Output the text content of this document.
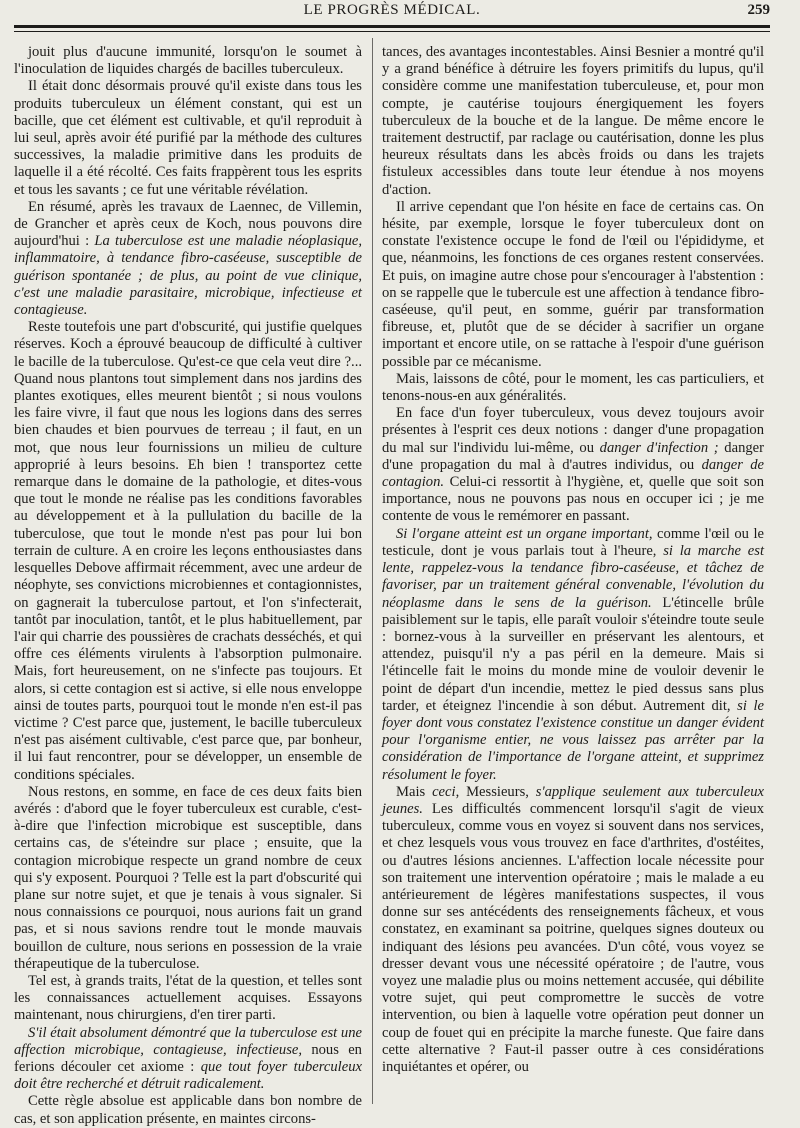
LE PROGRÈS MÉDICAL.	259

jouit plus d'aucune immunité, lorsqu'on le soumet à l'inoculation de liquides chargés de bacilles tuberculeux.

Il était donc désormais prouvé qu'il existe dans tous les produits tuberculeux un élément constant, qui est un bacille, que cet élément est cultivable, et qu'il reproduit à lui seul, après avoir été purifié par la méthode des cultures successives, la maladie primitive dans les produits de laquelle il a été récolté. Ces faits frappèrent tous les esprits et tous les savants ; ce fut une véritable révélation.

En résumé, après les travaux de Laennec, de Villemin, de Grancher et après ceux de Koch, nous pouvons dire aujourd'hui : La tuberculose est une maladie néoplasique, inflammatoire, à tendance fibro-caséeuse, susceptible de guérison spontanée ; de plus, au point de vue clinique, c'est une maladie parasitaire, microbique, infectieuse et contagieuse.

Reste toutefois une part d'obscurité, qui justifie quelques réserves. Koch a éprouvé beaucoup de difficulté à cultiver le bacille de la tuberculose. Qu'est-ce que cela veut dire ?... Quand nous plantons tout simplement dans nos jardins des plantes exotiques, elles meurent bientôt ; si nous voulons les faire vivre, il faut que nous les logions dans des serres bien chaudes et bien pourvues de terreau ; il faut, en un mot, que nous leur fournissions un milieu de culture approprié à leurs besoins. Eh bien ! transportez cette remarque dans le domaine de la pathologie, et dites-vous que tout le monde ne réalise pas les conditions favorables au développement et à la pullulation du bacille de la tuberculose, que tout le monde n'est pas pour lui bon terrain de culture. A en croire les leçons enthousiastes dans lesquelles Debove affirmait récemment, avec une ardeur de néophyte, ses convictions microbiennes et contagionnistes, on gagnerait la tuberculose partout, et l'on s'infecterait, tantôt par inoculation, tantôt, et le plus habituellement, par l'air qui charrie des poussières de crachats desséchés, et qui offre ces éléments virulents à l'absorption pulmonaire. Mais, fort heureusement, on ne s'infecte pas toujours. Et alors, si cette contagion est si active, si elle nous enveloppe ainsi de toutes parts, pourquoi tout le monde n'en est-il pas victime ? C'est parce que, justement, le bacille tuberculeux n'est pas aisément cultivable, c'est parce que, par bonheur, il lui faut rencontrer, pour se développer, un ensemble de conditions spéciales.

Nous restons, en somme, en face de ces deux faits bien avérés : d'abord que le foyer tuberculeux est curable, c'est-à-dire que l'infection microbique est susceptible, dans certains cas, de s'éteindre sur place ; ensuite, que la contagion microbique respecte un grand nombre de ceux qui s'y exposent. Pourquoi ? Telle est la part d'obscurité qui plane sur notre sujet, et que je tenais à vous signaler. Si nous connaissions ce pourquoi, nous aurions fait un grand pas, et si nous savions rendre tout le monde mauvais bouillon de culture, nous serions en possession de la vraie thérapeutique de la tuberculose.

Tel est, à grands traits, l'état de la question, et telles sont les connaissances actuellement acquises. Essayons maintenant, nous chirurgiens, d'en tirer parti.

S'il était absolument démontré que la tuberculose est une affection microbique, contagieuse, infectieuse, nous en ferions découler cet axiome : que tout foyer tuberculeux doit être recherché et détruit radicalement.

Cette règle absolue est applicable dans bon nombre de cas, et son application présente, en maintes circons-

tances, des avantages incontestables. Ainsi Besnier a montré qu'il y a grand bénéfice à détruire les foyers primitifs du lupus, qu'il considère comme une manifestation tuberculeuse, et, pour mon compte, je cautérise toujours énergiquement les foyers tuberculeux de la bouche et de la langue. De même encore le traitement destructif, par raclage ou cautérisation, donne les plus heureux résultats dans les abcès froids ou dans les trajets fistuleux accessibles dans toute leur étendue à nos moyens d'action.

Il arrive cependant que l'on hésite en face de certains cas. On hésite, par exemple, lorsque le foyer tuberculeux dont on constate l'existence occupe le fond de l'œil ou l'épididyme, et que, néanmoins, les fonctions de ces organes restent conservées. Et puis, on imagine autre chose pour s'encourager à l'abstention : on se rappelle que le tubercule est une affection à tendance fibro-caséeuse, qu'il peut, en somme, guérir par transformation fibreuse, et, plutôt que de se décider à sacrifier un organe important et encore utile, on se rattache à l'espoir d'une guérison possible par ce mécanisme.

Mais, laissons de côté, pour le moment, les cas particuliers, et tenons-nous-en aux généralités.

En face d'un foyer tuberculeux, vous devez toujours avoir présentes à l'esprit ces deux notions : danger d'une propagation du mal sur l'individu lui-même, ou danger d'infection ; danger d'une propagation du mal à d'autres individus, ou danger de contagion. Celui-ci ressortit à l'hygiène, et, quelle que soit son importance, nous ne pouvons pas nous en occuper ici ; je me contente de vous le remémorer en passant.

Si l'organe atteint est un organe important, comme l'œil ou le testicule, dont je vous parlais tout à l'heure, si la marche est lente, rappelez-vous la tendance fibro-caséeuse, et tâchez de favoriser, par un traitement général convenable, l'évolution du néoplasme dans le sens de la guérison. L'étincelle brûle paisiblement sur le tapis, elle paraît vouloir s'éteindre toute seule : bornez-vous à la surveiller en préservant les alentours, et attendez, puisqu'il n'y a pas péril en la demeure. Mais si l'étincelle fait le moins du monde mine de vouloir devenir le point de départ d'un incendie, mettez le pied dessus sans plus tarder, et éteignez l'incendie à son début. Autrement dit, si le foyer dont vous constatez l'existence constitue un danger évident pour l'organisme entier, ne vous laissez pas arrêter par la considération de l'importance de l'organe atteint, et supprimez résolument le foyer.

Mais ceci, Messieurs, s'applique seulement aux tuberculeux jeunes. Les difficultés commencent lorsqu'il s'agit de vieux tuberculeux, comme vous en voyez si souvent dans nos services, et chez lesquels vous vous trouvez en face d'arthrites, d'ostéites, ou d'autres lésions anciennes. L'affection locale nécessite pour son traitement une intervention opératoire ; mais le malade a eu antérieurement de légères manifestations suspectes, il vous donne sur ses antécédents des renseignements fâcheux, et vous constatez, en examinant sa poitrine, quelques signes douteux ou indiquant des lésions peu avancées. D'un côté, vous voyez se dresser devant vous une nécessité opératoire ; de l'autre, vous voyez une maladie plus ou moins nettement accusée, qui débilite votre sujet, qui peut compromettre le succès de votre intervention, ou bien à laquelle votre opération peut donner un coup de fouet qui en précipite la marche funeste. Que faire dans cette alternative ? Faut-il passer outre à ces considérations inquiétantes et opérer, ou
